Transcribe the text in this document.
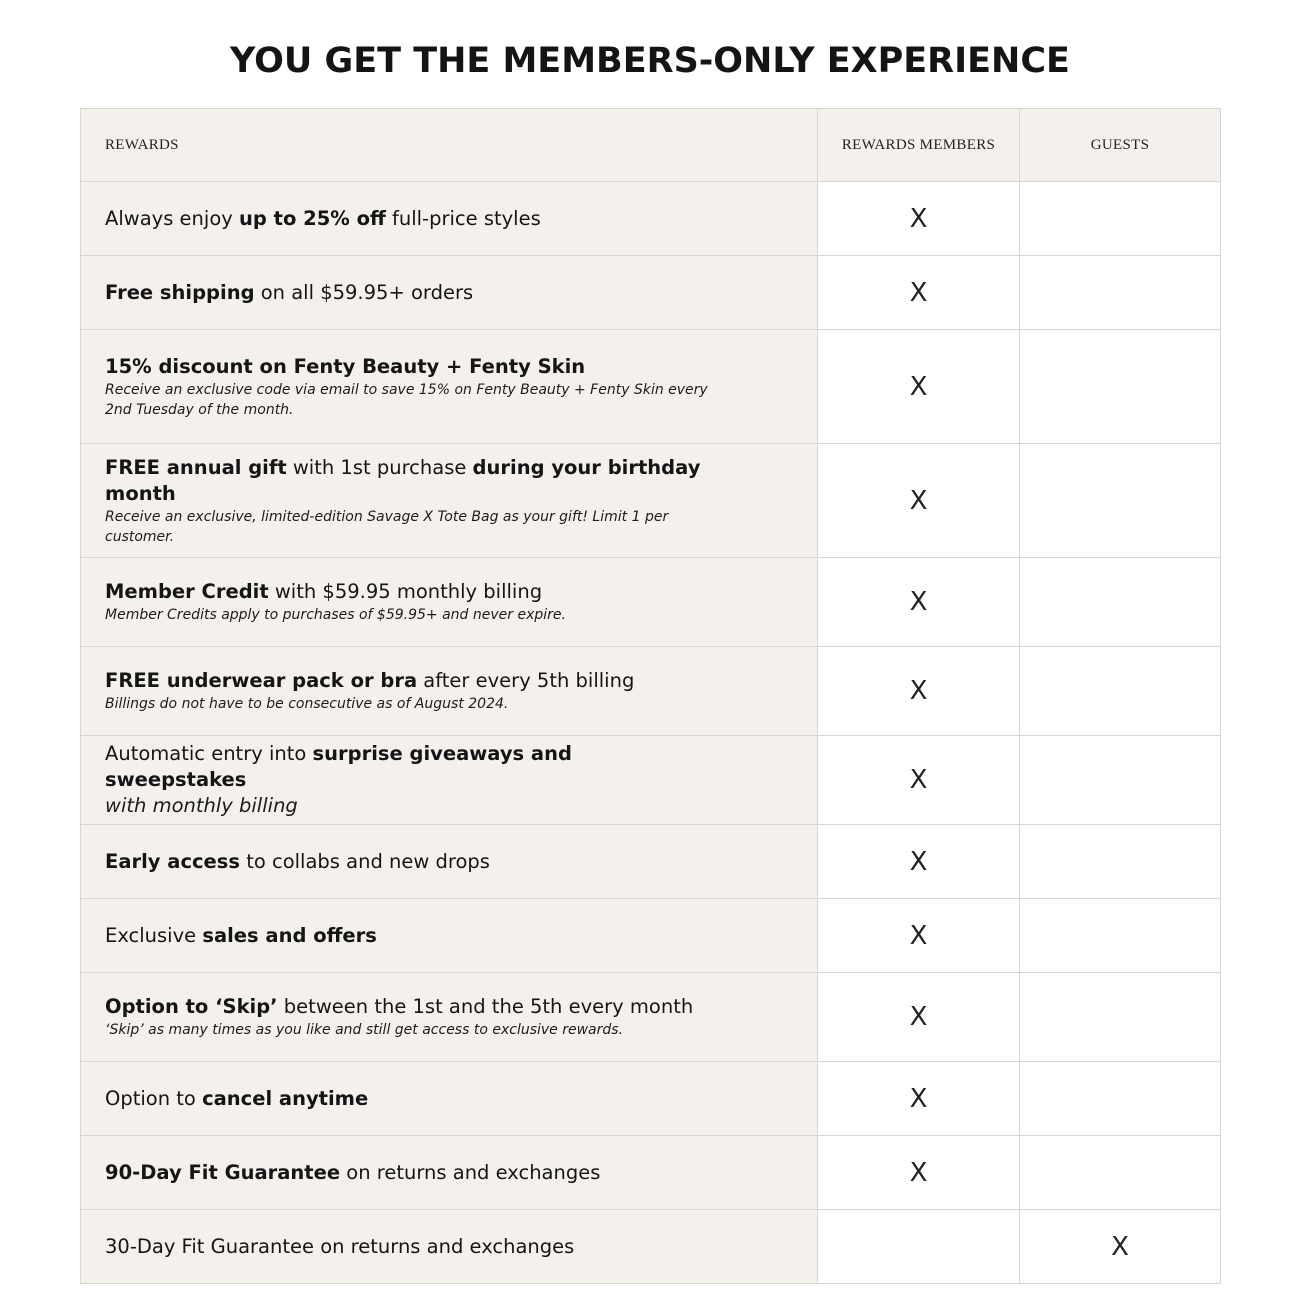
YOU GET THE MEMBERS-ONLY EXPERIENCE
REWARDS	REWARDS MEMBERS	GUESTS

Always enjoy up to 25% off full-price styles	X	

Free shipping on all $59.95+ orders	X	

15% discount on Fenty Beauty + Fenty Skin
Receive an exclusive code via email to save 15% on Fenty Beauty + Fenty Skin every 2nd Tuesday of the month.	X	

FREE annual gift with 1st purchase during your birthday month
Receive an exclusive, limited-edition Savage X Tote Bag as your gift! Limit 1 per customer.	X	

Member Credit with $59.95 monthly billing
Member Credits apply to purchases of $59.95+ and never expire.	X	

FREE underwear pack or bra after every 5th billing
Billings do not have to be consecutive as of August 2024.	X	

Automatic entry into surprise giveaways and sweepstakes
with monthly billing	X	

Early access to collabs and new drops	X	

Exclusive sales and offers	X	

Option to ‘Skip’ between the 1st and the 5th every month
‘Skip’ as many times as you like and still get access to exclusive rewards.	X	

Option to cancel anytime	X	

90-Day Fit Guarantee on returns and exchanges	X	

30-Day Fit Guarantee on returns and exchanges		X
